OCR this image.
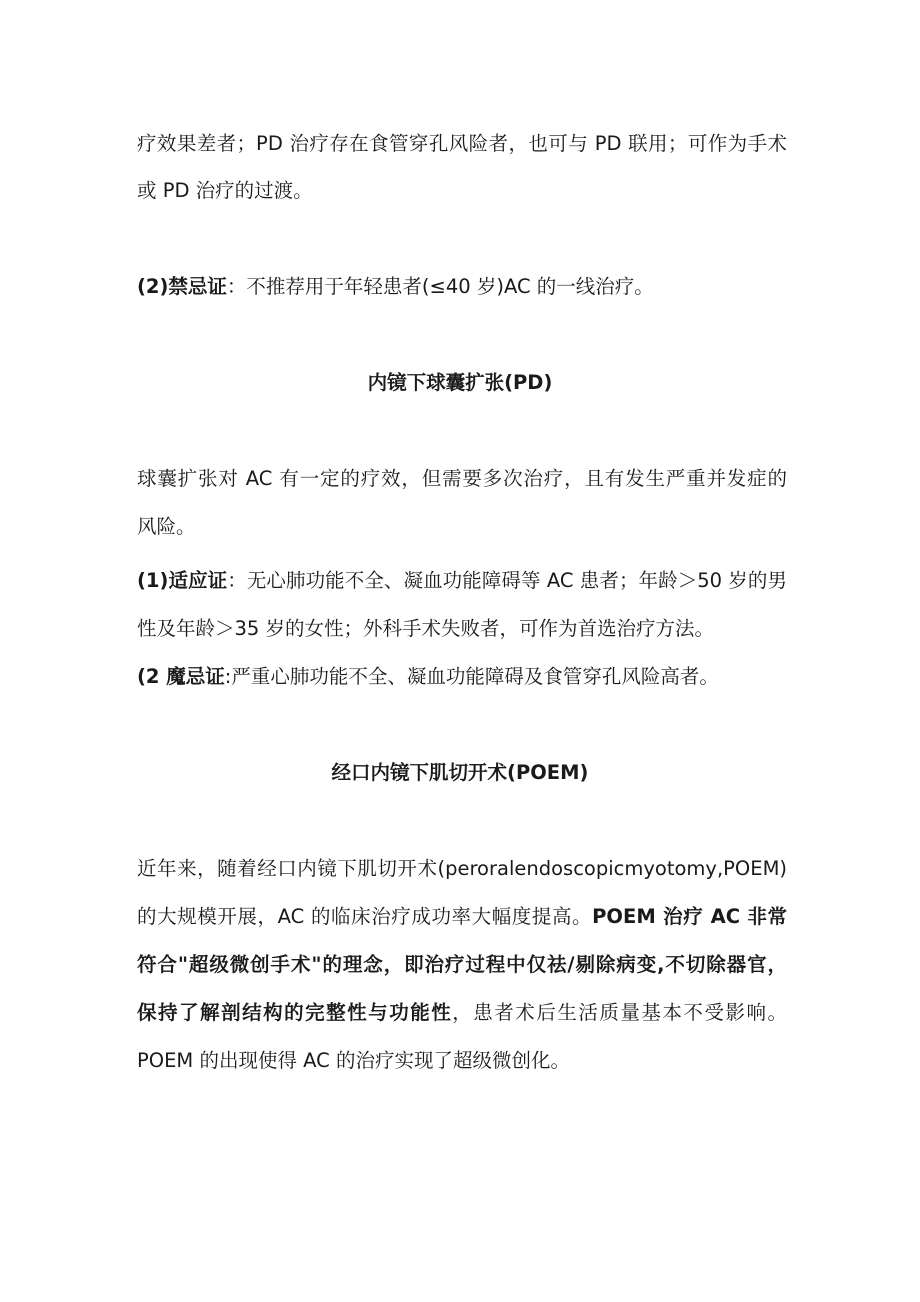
疗效果差者；PD 治疗存在食管穿孔风险者，也可与 PD 联用；可作为手术
或 PD 治疗的过渡。
(2)禁忌证：不推荐用于年轻患者(≤40 岁)AC 的一线治疗。
内镜下球囊扩张(PD)
球囊扩张对 AC 有一定的疗效，但需要多次治疗，且有发生严重并发症的
风险。
(1)适应证：无心肺功能不全、凝血功能障碍等 AC 患者；年龄＞50 岁的男
性及年龄＞35 岁的女性；外科手术失败者，可作为首选治疗方法。
(2 魔忌证:严重心肺功能不全、凝血功能障碍及食管穿孔风险高者。
经口内镜下肌切开术(POEM)
近年来，随着经口内镜下肌切开术(peroralendoscopicmyotomy,POEM)
的大规模开展，AC 的临床治疗成功率大幅度提高。POEM 治疗 AC 非常
符合"超级微创手术"的理念，即治疗过程中仅祛/剔除病变,不切除器官，
保持了解剖结构的完整性与功能性，患者术后生活质量基本不受影响。
POEM 的出现使得 AC 的治疗实现了超级微创化。
